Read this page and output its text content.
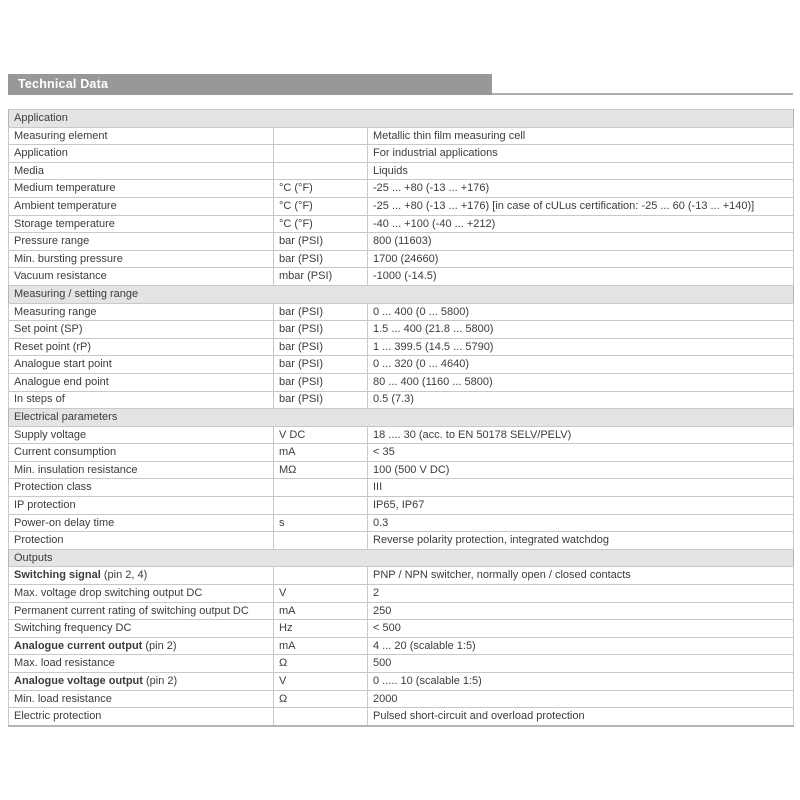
Technical Data
Application		
Measuring element		Metallic thin film measuring cell
Application		For industrial applications
Media		Liquids
Medium temperature	°C (°F)	-25 ... +80 (-13 ... +176)
Ambient temperature	°C (°F)	-25 ... +80 (-13 ... +176) [in case of cULus certification: -25 ... 60 (-13 ... +140)]
Storage temperature	°C (°F)	-40 ... +100 (-40 ... +212)
Pressure range	bar (PSI)	800 (11603)
Min. bursting pressure	bar (PSI)	1700 (24660)
Vacuum resistance	mbar (PSI)	-1000 (-14.5)
Measuring / setting range		
Measuring range	bar (PSI)	0 ... 400 (0 ... 5800)
Set point (SP)	bar (PSI)	1.5 ... 400 (21.8 ... 5800)
Reset point (rP)	bar (PSI)	1 ... 399.5 (14.5 ... 5790)
Analogue start point	bar (PSI)	0 ... 320 (0 ... 4640)
Analogue end point	bar (PSI)	80 ... 400 (1160 ... 5800)
In steps of	bar (PSI)	0.5 (7.3)
Electrical parameters		
Supply voltage	V DC	18 .... 30 (acc. to EN 50178 SELV/PELV)
Current consumption	mA	< 35
Min. insulation resistance	MΩ	100 (500 V DC)
Protection class		III
IP protection		IP65, IP67
Power-on delay time	s	0.3
Protection		Reverse polarity protection, integrated watchdog
Outputs		
Switching signal (pin 2, 4)		PNP / NPN switcher, normally open / closed contacts
Max. voltage drop switching output DC	V	2
Permanent current rating of switching output DC	mA	250
Switching frequency DC	Hz	< 500
Analogue current output (pin 2)	mA	4 ... 20 (scalable 1:5)
Max. load resistance	Ω	500
Analogue voltage output (pin 2)	V	0 ..... 10 (scalable 1:5)
Min. load resistance	Ω	2000
Electric protection		Pulsed short-circuit and overload protection
